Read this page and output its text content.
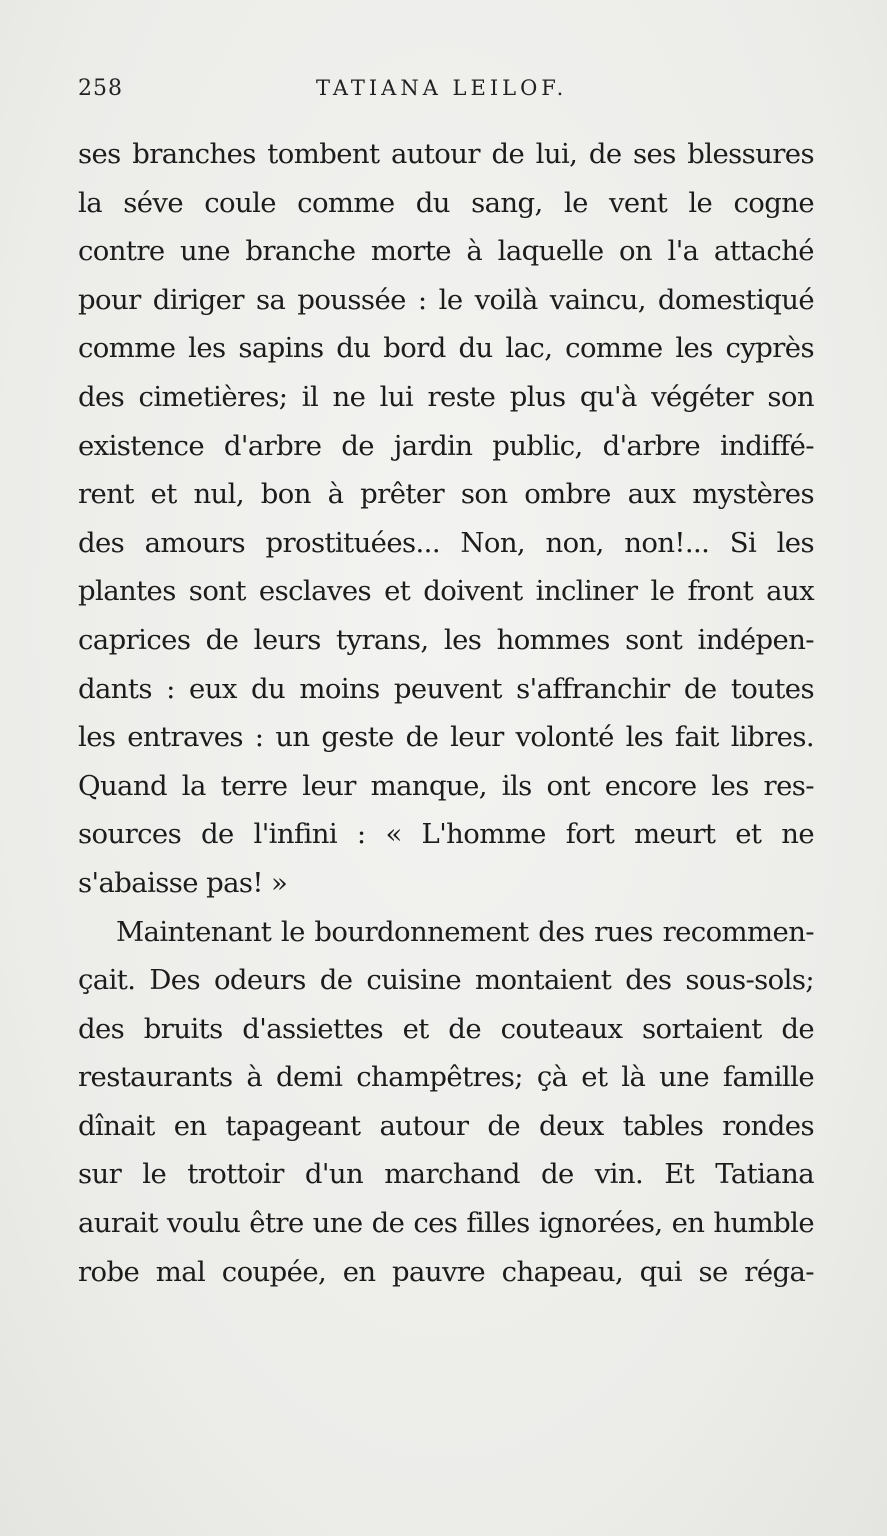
258	TATIANA LEILOF.
ses branches tombent autour de lui, de ses blessures
la séve coule comme du sang, le vent le cogne
contre une branche morte à laquelle on l'a attaché
pour diriger sa poussée : le voilà vaincu, domestiqué
comme les sapins du bord du lac, comme les cyprès
des cimetières; il ne lui reste plus qu'à végéter son
existence d'arbre de jardin public, d'arbre indiffé-
rent et nul, bon à prêter son ombre aux mystères
des amours prostituées... Non, non, non!... Si les
plantes sont esclaves et doivent incliner le front aux
caprices de leurs tyrans, les hommes sont indépen-
dants : eux du moins peuvent s'affranchir de toutes
les entraves : un geste de leur volonté les fait libres.
Quand la terre leur manque, ils ont encore les res-
sources de l'infini : « L'homme fort meurt et ne
s'abaisse pas! »
Maintenant le bourdonnement des rues recommen-
çait. Des odeurs de cuisine montaient des sous-sols;
des bruits d'assiettes et de couteaux sortaient de
restaurants à demi champêtres; çà et là une famille
dînait en tapageant autour de deux tables rondes
sur le trottoir d'un marchand de vin. Et Tatiana
aurait voulu être une de ces filles ignorées, en humble
robe mal coupée, en pauvre chapeau, qui se réga-
